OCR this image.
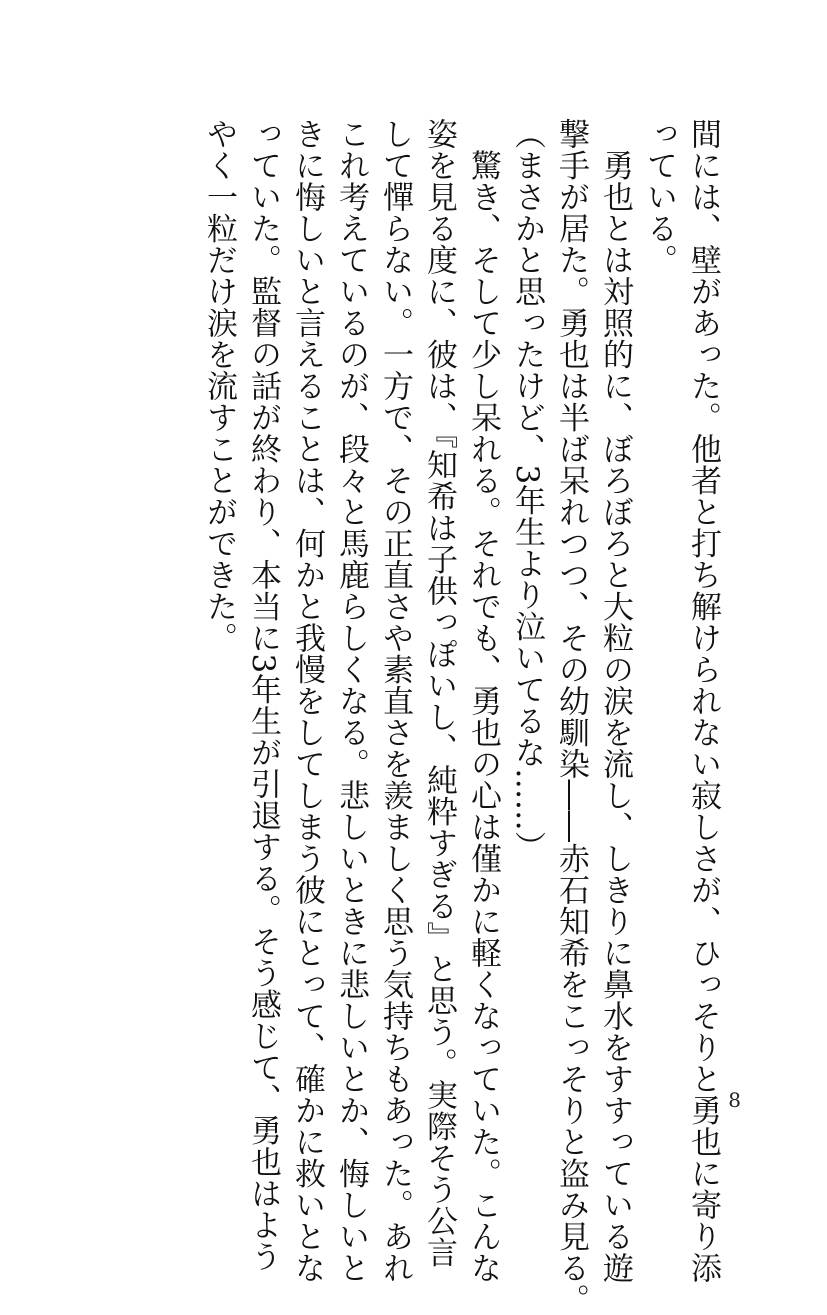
間には、壁があった。他者と打ち解けられない寂しさが、ひっそりと勇也に寄り添
っている。
　勇也とは対照的に、ぼろぼろと大粒の涙を流し、しきりに鼻水をすすっている遊
撃手が居た。勇也は半ば呆れつつ、その幼馴染――赤石知希をこっそりと盗み見る。
（まさかと思ったけど、3年生より泣いてるな……）
　驚き、そして少し呆れる。それでも、勇也の心は僅かに軽くなっていた。こんな
姿を見る度に、彼は、『知希は子供っぽいし、純粋すぎる』と思う。実際そう公言
して憚らない。一方で、その正直さや素直さを羨ましく思う気持ちもあった。あれ
これ考えているのが、段々と馬鹿らしくなる。悲しいときに悲しいとか、悔しいと
きに悔しいと言えることは、何かと我慢をしてしまう彼にとって、確かに救いとな
っていた。監督の話が終わり、本当に3年生が引退する。そう感じて、勇也はよう
やく一粒だけ涙を流すことができた。
8
